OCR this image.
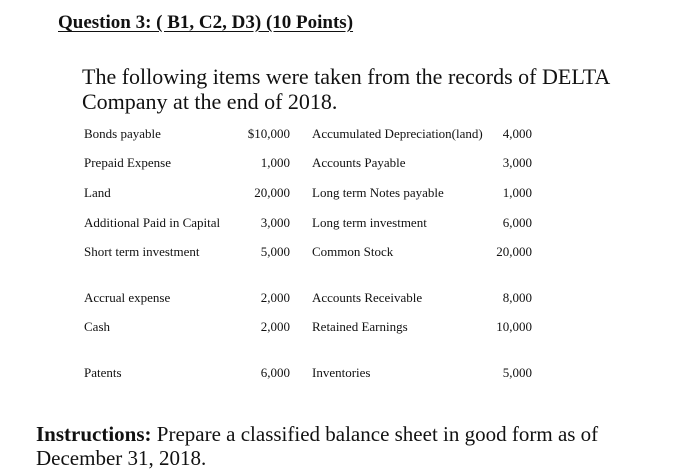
Question 3: ( B1, C2, D3) (10 Points)
The following items were taken from the records of DELTA Company at the end of 2018.
Bonds payable	$10,000 Accumulated Depreciation(land)	4,000
Prepaid Expense	1,000 Accounts Payable	3,000
Land	20,000 Long term Notes payable	1,000
Additional Paid in Capital	3,000 Long term investment	6,000
Short term investment	5,000 Common Stock	20,000
Accrual expense	2,000 Accounts Receivable	8,000
Cash	2,000 Retained Earnings	10,000
Patents	6,000 Inventories	5,000
Instructions: Prepare a classified balance sheet in good form as of December 31, 2018.
